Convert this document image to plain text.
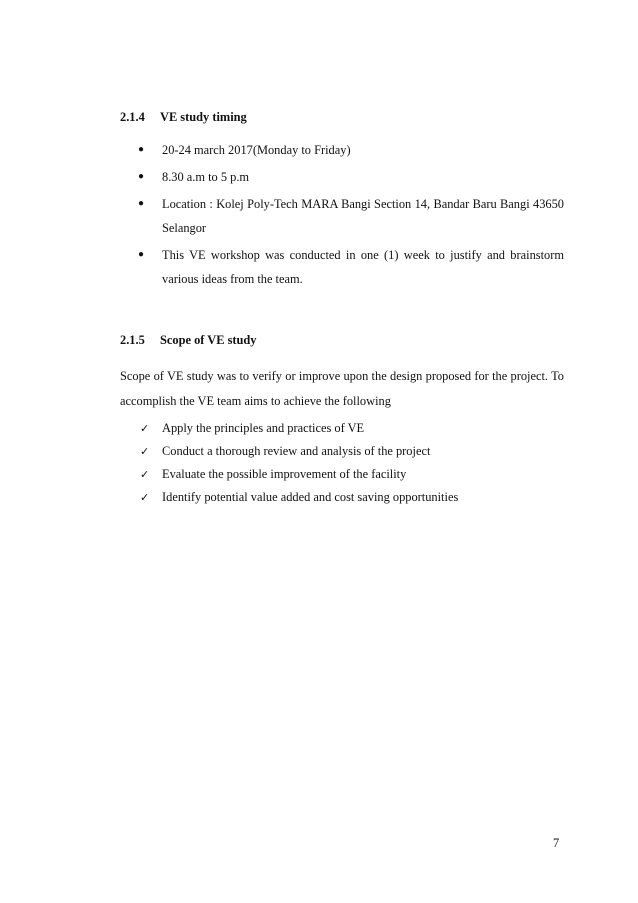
2.1.4 VE study timing
● 20-24 march 2017(Monday to Friday)
● 8.30 a.m to 5 p.m
● Location : Kolej Poly-Tech MARA Bangi Section 14, Bandar Baru Bangi 43650 Selangor
● This VE workshop was conducted in one (1) week to justify and brainstorm various ideas from the team.
2.1.5 Scope of VE study

Scope of VE study was to verify or improve upon the design proposed for the project. To accomplish the VE team aims to achieve the following

✓ Apply the principles and practices of VE
✓ Conduct a thorough review and analysis of the project
✓ Evaluate the possible improvement of the facility
✓ Identify potential value added and cost saving opportunities
7
